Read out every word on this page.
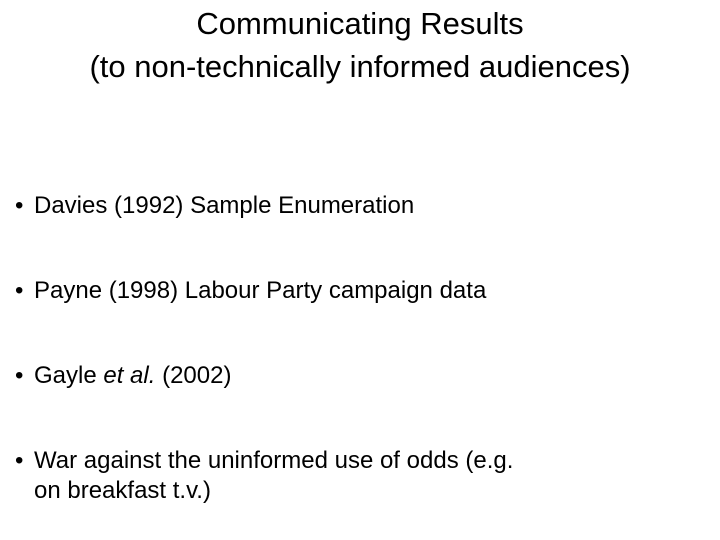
Communicating Results
(to non-technically informed audiences)
• Davies (1992) Sample Enumeration
• Payne (1998) Labour Party campaign data
• Gayle et al. (2002)
• War against the uninformed use of odds (e.g.
on breakfast t.v.)
